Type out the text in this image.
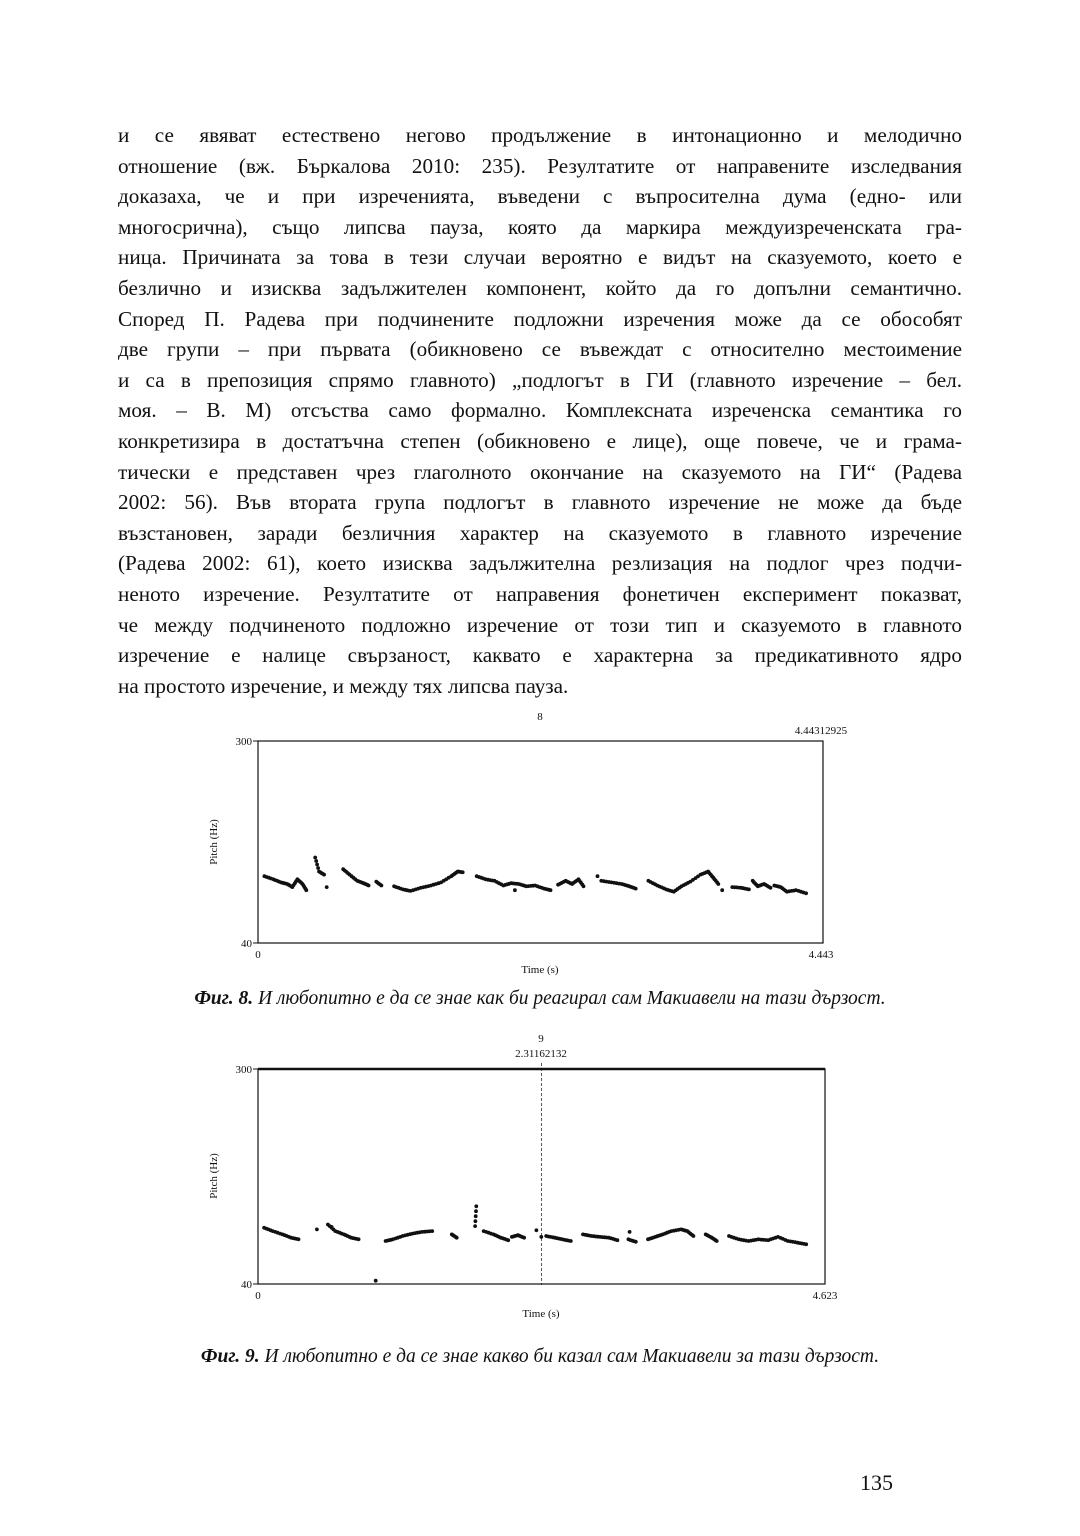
и се явяват естествено негово продължение в интонационно и мелодично
отношение (вж. Бъркалова 2010: 235). Резултатите от направените изследвания
доказаха, че и при изреченията, въведени с въпросителна дума (едно- или
многосрична), също липсва пауза, която да маркира междуизреченската гра-
ница. Причината за това в тези случаи вероятно е видът на сказуемото, което е
безлично и изисква задължителен компонент, който да го допълни семантично.
Според П. Радева при подчинените подложни изречения може да се обособят
две групи – при първата (обикновено се въвеждат с относително местоимение
и са в препозиция спрямо главното) „подлогът в ГИ (главното изречение – бел.
моя. – В. М) отсъства само формално. Комплексната изреченска семантика го
конкретизира в достатъчна степен (обикновено е лице), още повече, че и грама-
тически е представен чрез глаголното окончание на сказуемото на ГИ“ (Радева
2002: 56). Във втората група подлогът в главното изречение не може да бъде
възстановен, заради безличния характер на сказуемото в главното изречение
(Радева 2002: 61), което изисква задължителна резлизация на подлог чрез подчи-
неното изречение. Резултатите от направения фонетичен експеримент показват,
че между подчиненото подложно изречение от този тип и сказуемото в главното
изречение е налице свързаност, каквато е характерна за предикативното ядро
на простото изречение, и между тях липсва пауза.
8
4.44312925
300
40
0	4.443
Time (s)
Pitch (Hz)
Фиг. 8. И любопитно е да се знае как би реагирал сам Макиавели на тази дързост.
9
2.31162132
300
40
0	4.623
Time (s)
Pitch (Hz)
Фиг. 9. И любопитно е да се знае какво би казал сам Макиавели за тази дързост.
135
